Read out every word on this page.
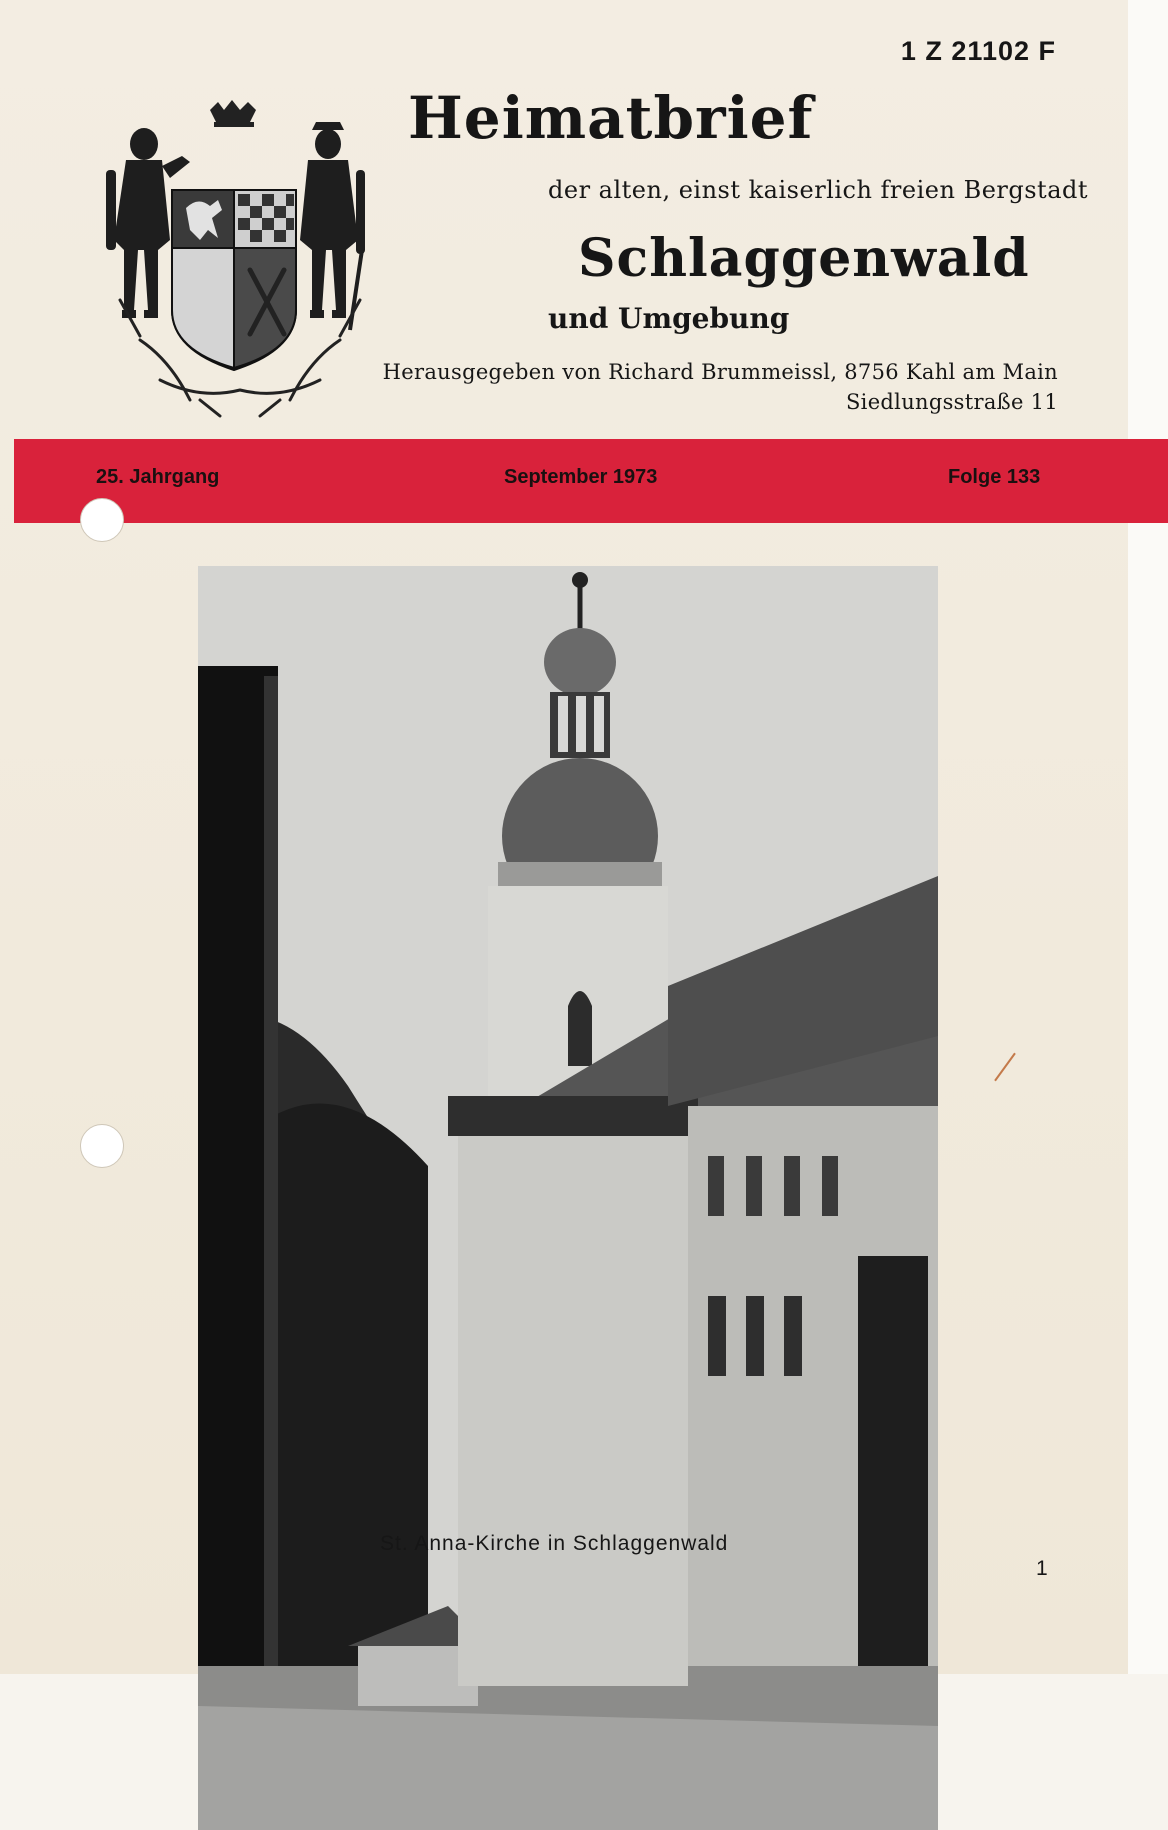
1 Z 21102 F
Heimatbrief
der alten, einst kaiserlich freien Bergstadt
Schlaggenwald
und Umgebung
Herausgegeben von Richard Brummeissl, 8756 Kahl am Main
Siedlungsstraße 11
25. Jahrgang	September 1973	Folge 133
St. Anna-Kirche in Schlaggenwald
1
